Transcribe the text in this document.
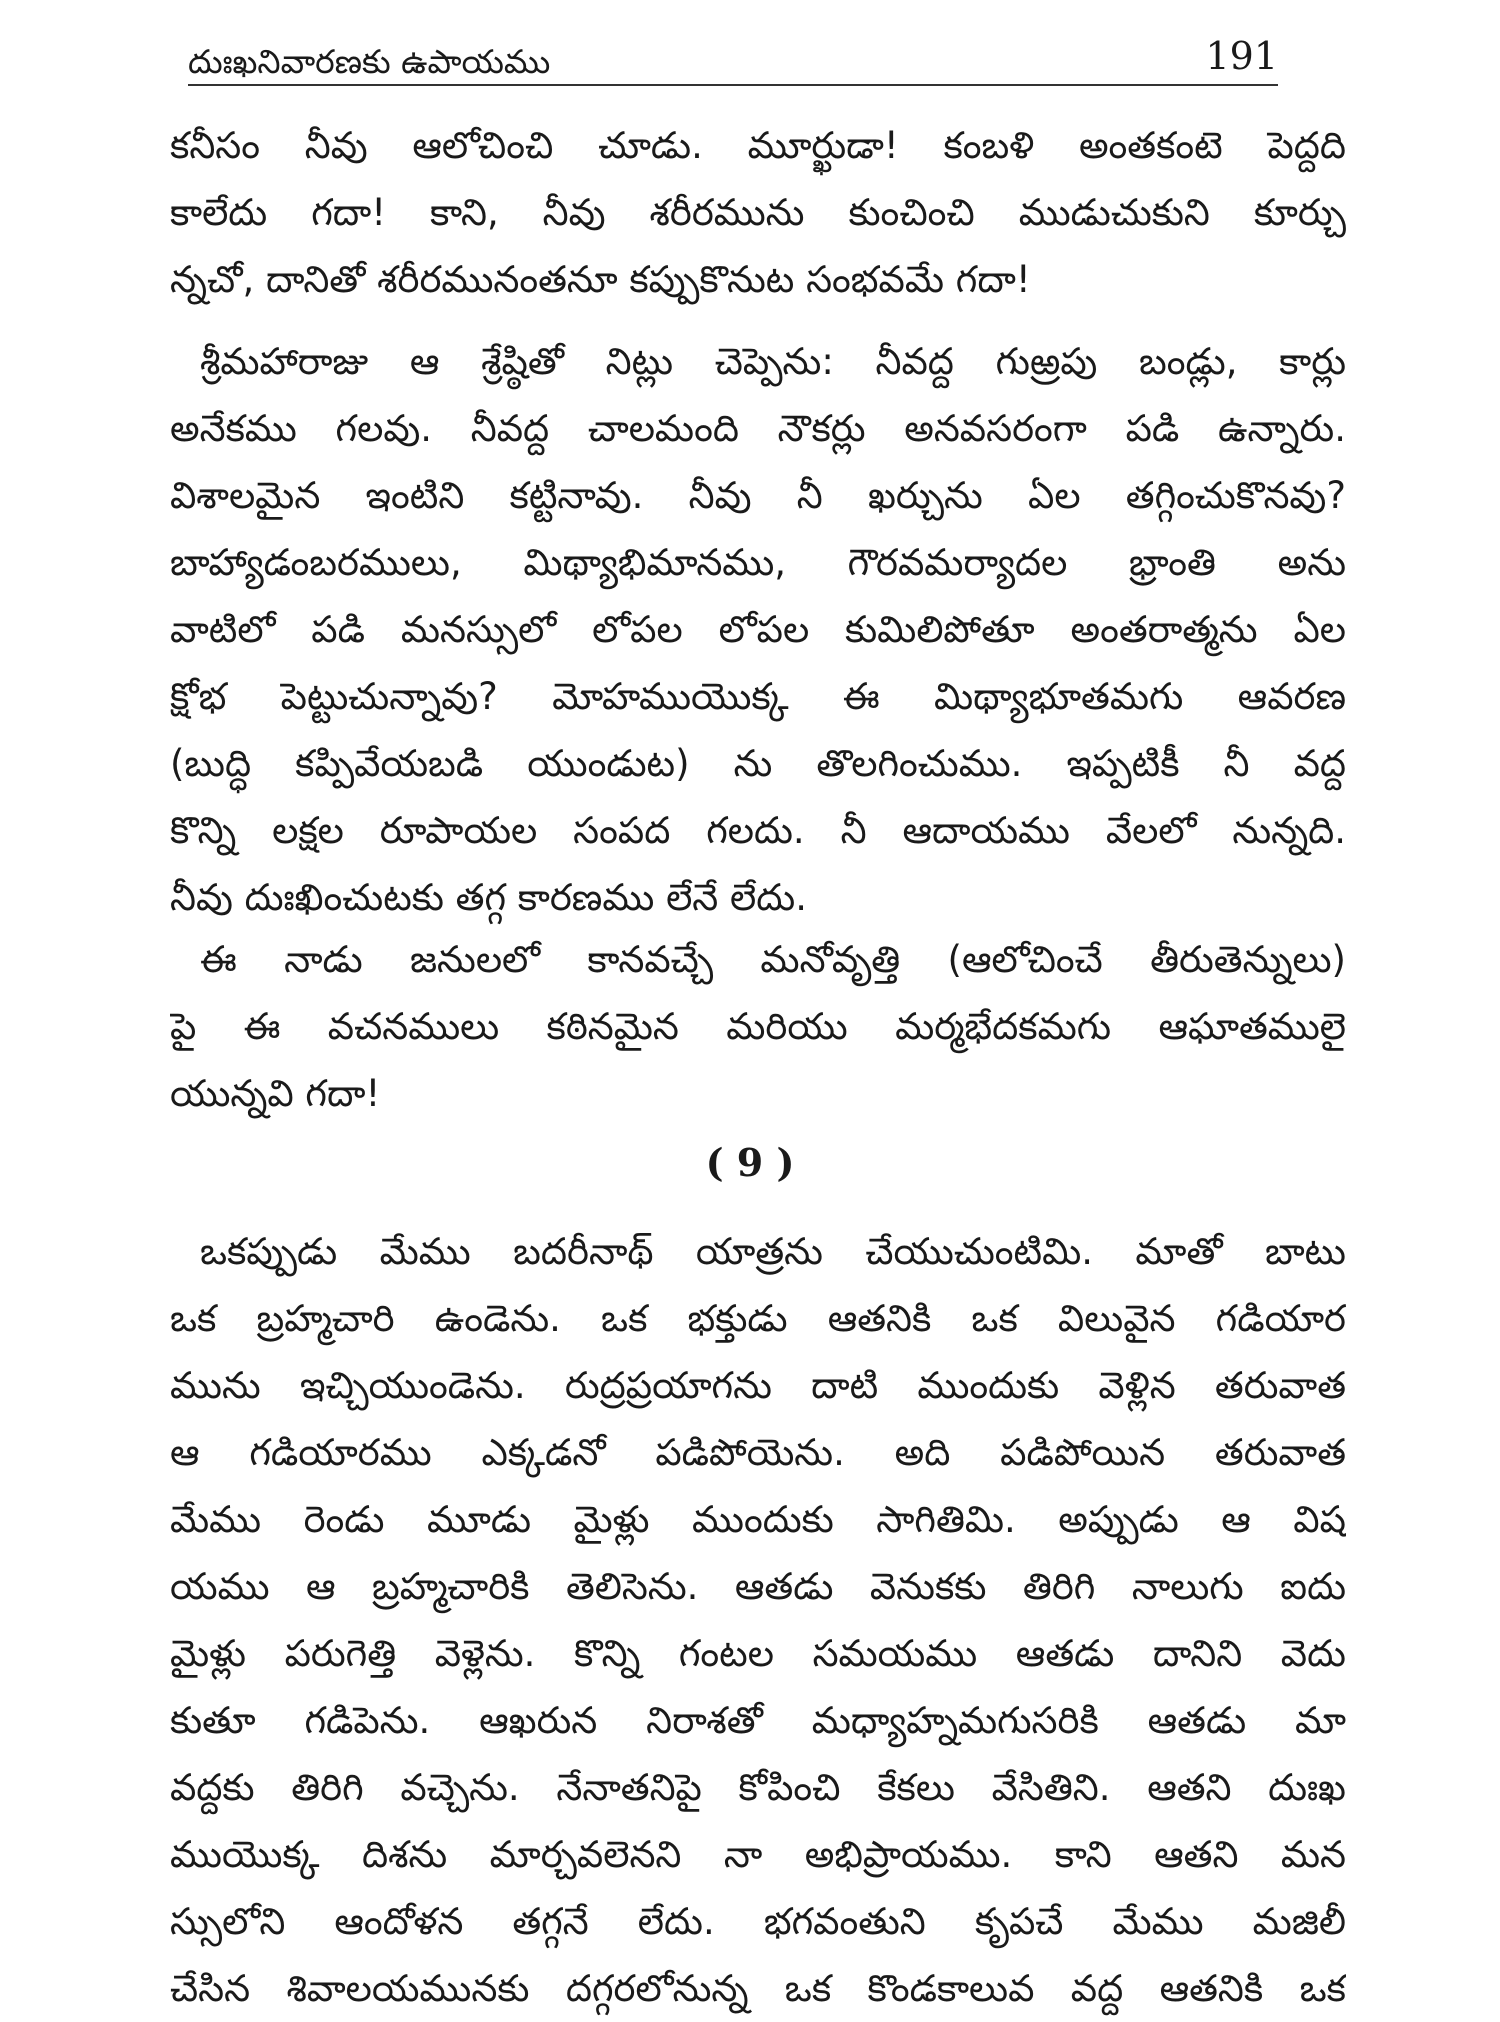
దుఃఖనివారణకు ఉపాయము	191
కనీసం నీవు ఆలోచించి చూడు. మూర్ఖుడా! కంబళి అంతకంటె పెద్దది
కాలేదు గదా! కాని, నీవు శరీరమును కుంచించి ముడుచుకుని కూర్చు
న్నచో, దానితో శరీరమునంతనూ కప్పుకొనుట సంభవమే గదా!
శ్రీమహారాజు ఆ శ్రేష్ఠితో నిట్లు చెప్పెను: నీవద్ద గుఱ్రపు బండ్లు, కార్లు
అనేకము గలవు. నీవద్ద చాలమంది నౌకర్లు అనవసరంగా పడి ఉన్నారు.
విశాలమైన ఇంటిని కట్టినావు. నీవు నీ ఖర్చును ఏల తగ్గించుకొనవు?
బాహ్యాడంబరములు, మిథ్యాభిమానము, గౌరవమర్యాదల భ్రాంతి అను
వాటిలో పడి మనస్సులో లోపల లోపల కుమిలిపోతూ అంతరాత్మను ఏల
క్షోభ పెట్టుచున్నావు? మోహముయొక్క ఈ మిథ్యాభూతమగు ఆవరణ
(బుద్ధి కప్పివేయబడి యుండుట) ను తొలగించుము. ఇప్పటికీ నీ వద్ద
కొన్ని లక్షల రూపాయల సంపద గలదు. నీ ఆదాయము వేలలో నున్నది.
నీవు దుఃఖించుటకు తగ్గ కారణము లేనే లేదు.
ఈ నాడు జనులలో కానవచ్చే మనోవృత్తి (ఆలోచించే తీరుతెన్నులు)
పై ఈ వచనములు కఠినమైన మరియు మర్మభేదకమగు ఆఘాతములై
యున్నవి గదా!
( 9 )
ఒకప్పుడు మేము బదరీనాథ్ యాత్రను చేయుచుంటిమి. మాతో బాటు
ఒక బ్రహ్మచారి ఉండెను. ఒక భక్తుడు ఆతనికి ఒక విలువైన గడియార
మును ఇచ్చియుండెను. రుద్రప్రయాగను దాటి ముందుకు వెళ్లిన తరువాత
ఆ గడియారము ఎక్కడనో పడిపోయెను. అది పడిపోయిన తరువాత
మేము రెండు మూడు మైళ్లు ముందుకు సాగితిమి. అప్పుడు ఆ విష
యము ఆ బ్రహ్మచారికి తెలిసెను. ఆతడు వెనుకకు తిరిగి నాలుగు ఐదు
మైళ్లు పరుగెత్తి వెళ్లెను. కొన్ని గంటల సమయము ఆతడు దానిని వెదు
కుతూ గడిపెను. ఆఖరున నిరాశతో మధ్యాహ్నమగుసరికి ఆతడు మా
వద్దకు తిరిగి వచ్చెను. నేనాతనిపై కోపించి కేకలు వేసితిని. ఆతని దుఃఖ
ముయొక్క దిశను మార్చవలెనని నా అభిప్రాయము. కాని ఆతని మన
స్సులోని ఆందోళన తగ్గనే లేదు. భగవంతుని కృపచే మేము మజిలీ
చేసిన శివాలయమునకు దగ్గరలోనున్న ఒక కొండకాలువ వద్ద ఆతనికి ఒక
